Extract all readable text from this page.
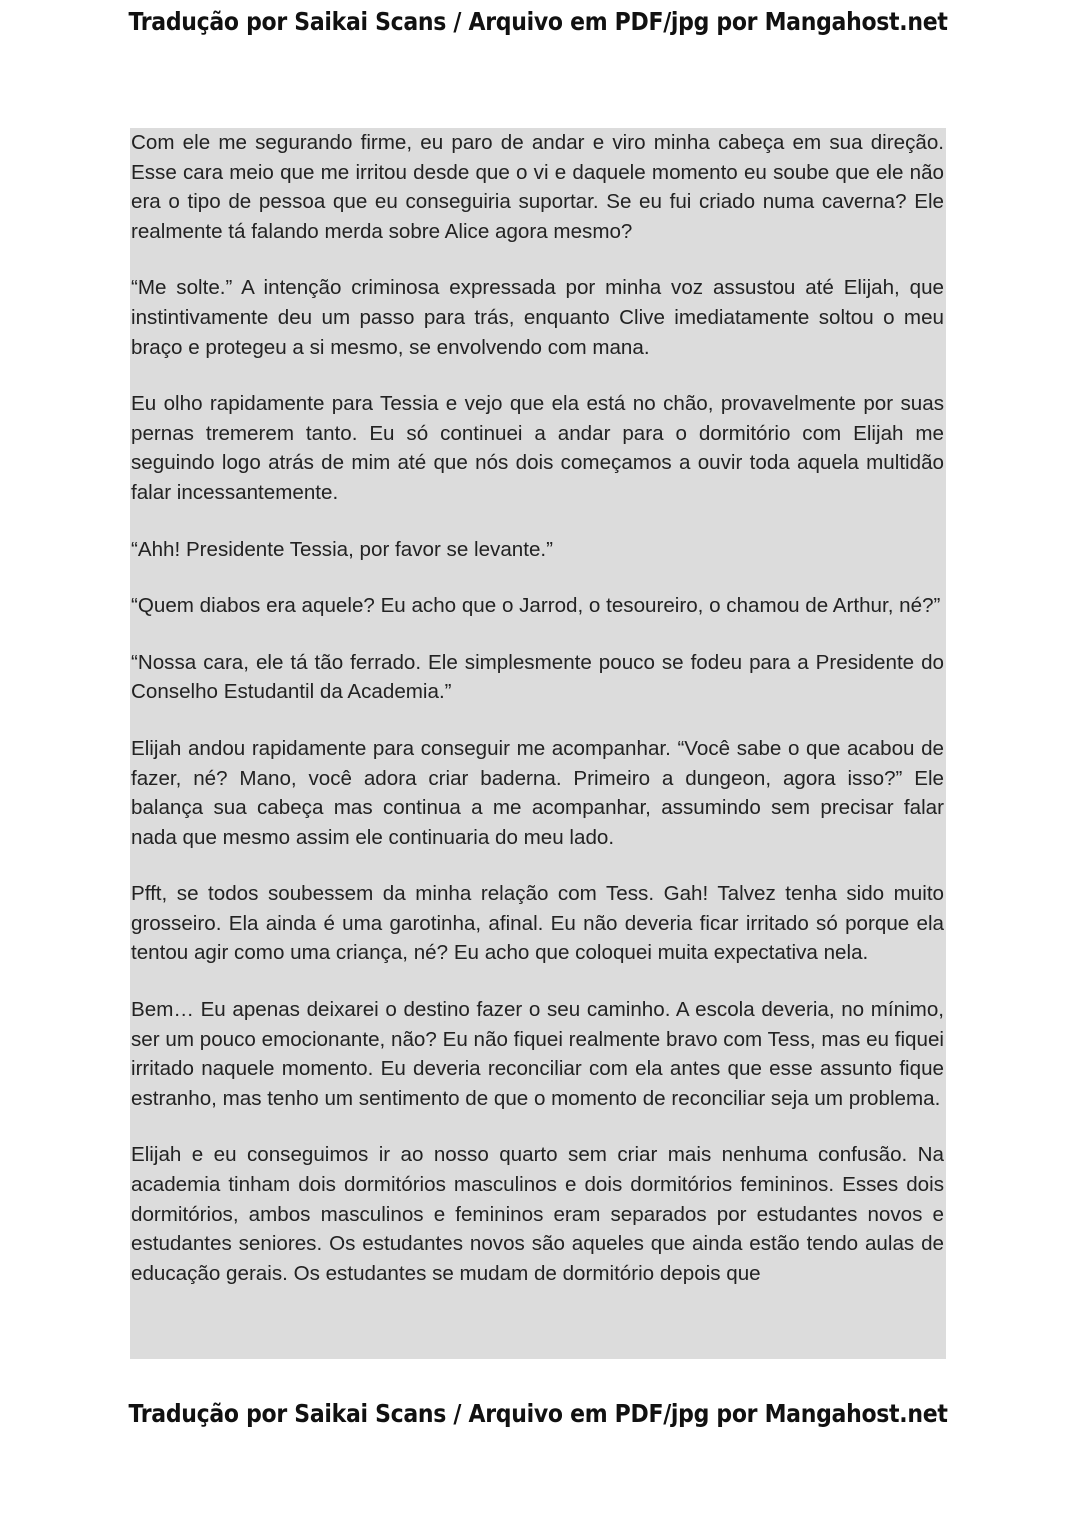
Tradução por Saikai Scans / Arquivo em PDF/jpg por Mangahost.net

Com ele me segurando firme, eu paro de andar e viro minha cabeça em sua direção. Esse cara meio que me irritou desde que o vi e daquele momento eu soube que ele não era o tipo de pessoa que eu conseguiria suportar. Se eu fui criado numa caverna? Ele realmente tá falando merda sobre Alice agora mesmo?

“Me solte.” A intenção criminosa expressada por minha voz assustou até Elijah, que instintivamente deu um passo para trás, enquanto Clive imediatamente soltou o meu braço e protegeu a si mesmo, se envolvendo com mana.

Eu olho rapidamente para Tessia e vejo que ela está no chão, provavelmente por suas pernas tremerem tanto. Eu só continuei a andar para o dormitório com Elijah me seguindo logo atrás de mim até que nós dois começamos a ouvir toda aquela multidão falar incessantemente.

“Ahh! Presidente Tessia, por favor se levante.”

“Quem diabos era aquele? Eu acho que o Jarrod, o tesoureiro, o chamou de Arthur, né?”

“Nossa cara, ele tá tão ferrado. Ele simplesmente pouco se fodeu para a Presidente do Conselho Estudantil da Academia.”

Elijah andou rapidamente para conseguir me acompanhar. “Você sabe o que acabou de fazer, né? Mano, você adora criar baderna. Primeiro a dungeon, agora isso?” Ele balança sua cabeça mas continua a me acompanhar, assumindo sem precisar falar nada que mesmo assim ele continuaria do meu lado.

Pfft, se todos soubessem da minha relação com Tess. Gah! Talvez tenha sido muito grosseiro. Ela ainda é uma garotinha, afinal. Eu não deveria ficar irritado só porque ela tentou agir como uma criança, né? Eu acho que coloquei muita expectativa nela.

Bem… Eu apenas deixarei o destino fazer o seu caminho. A escola deveria, no mínimo, ser um pouco emocionante, não? Eu não fiquei realmente bravo com Tess, mas eu fiquei irritado naquele momento. Eu deveria reconciliar com ela antes que esse assunto fique estranho, mas tenho um sentimento de que o momento de reconciliar seja um problema.

Elijah e eu conseguimos ir ao nosso quarto sem criar mais nenhuma confusão. Na academia tinham dois dormitórios masculinos e dois dormitórios femininos. Esses dois dormitórios, ambos masculinos e femininos eram separados por estudantes novos e estudantes seniores. Os estudantes novos são aqueles que ainda estão tendo aulas de educação gerais. Os estudantes se mudam de dormitório depois que

Tradução por Saikai Scans / Arquivo em PDF/jpg por Mangahost.net
